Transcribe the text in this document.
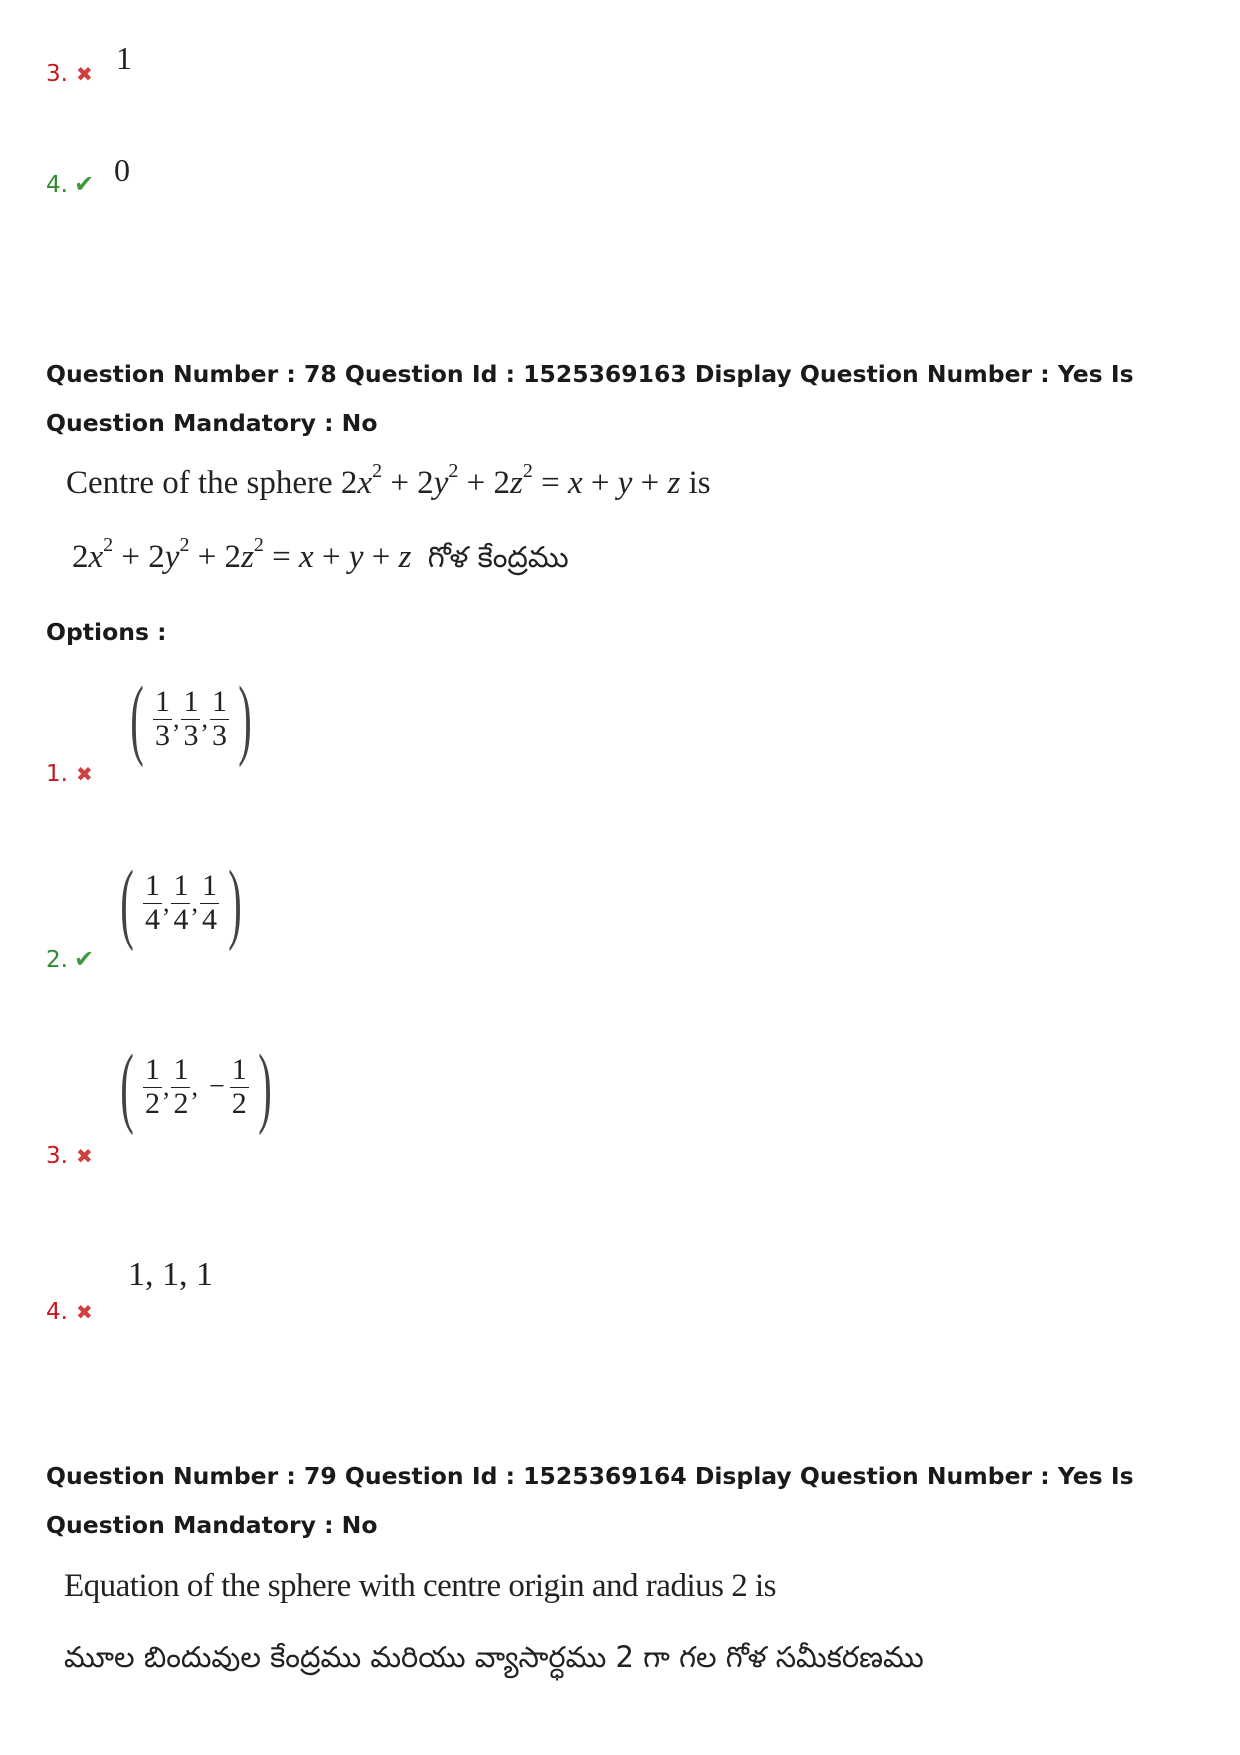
3. ✖ 1
4. ✔ 0
Question Number : 78 Question Id : 1525369163 Display Question Number : Yes Is Question Mandatory : No
Centre of the sphere $2x^2 + 2y^2 + 2z^2 = x + y + z$ is
$2x^2 + 2y^2 + 2z^2 = x + y + z$ గోళ కేంద్రము
Options :
1. ✖
( $\frac{1}{3}$ , $\frac{1}{3}$ , $\frac{1}{3}$ )
2. ✔
( $\frac{1}{4}$ , $\frac{1}{4}$ , $\frac{1}{4}$ )
3. ✖
( $\frac{1}{2}$ , $\frac{1}{2}$ , − $\frac{1}{2}$ )
4. ✖
1, 1, 1
Question Number : 79 Question Id : 1525369164 Display Question Number : Yes Is Question Mandatory : No
Equation of the sphere with centre origin and radius 2 is
మూల బిందువుల కేంద్రము మరియు వ్యాసార్ధము 2 గా గల గోళ సమీకరణము
